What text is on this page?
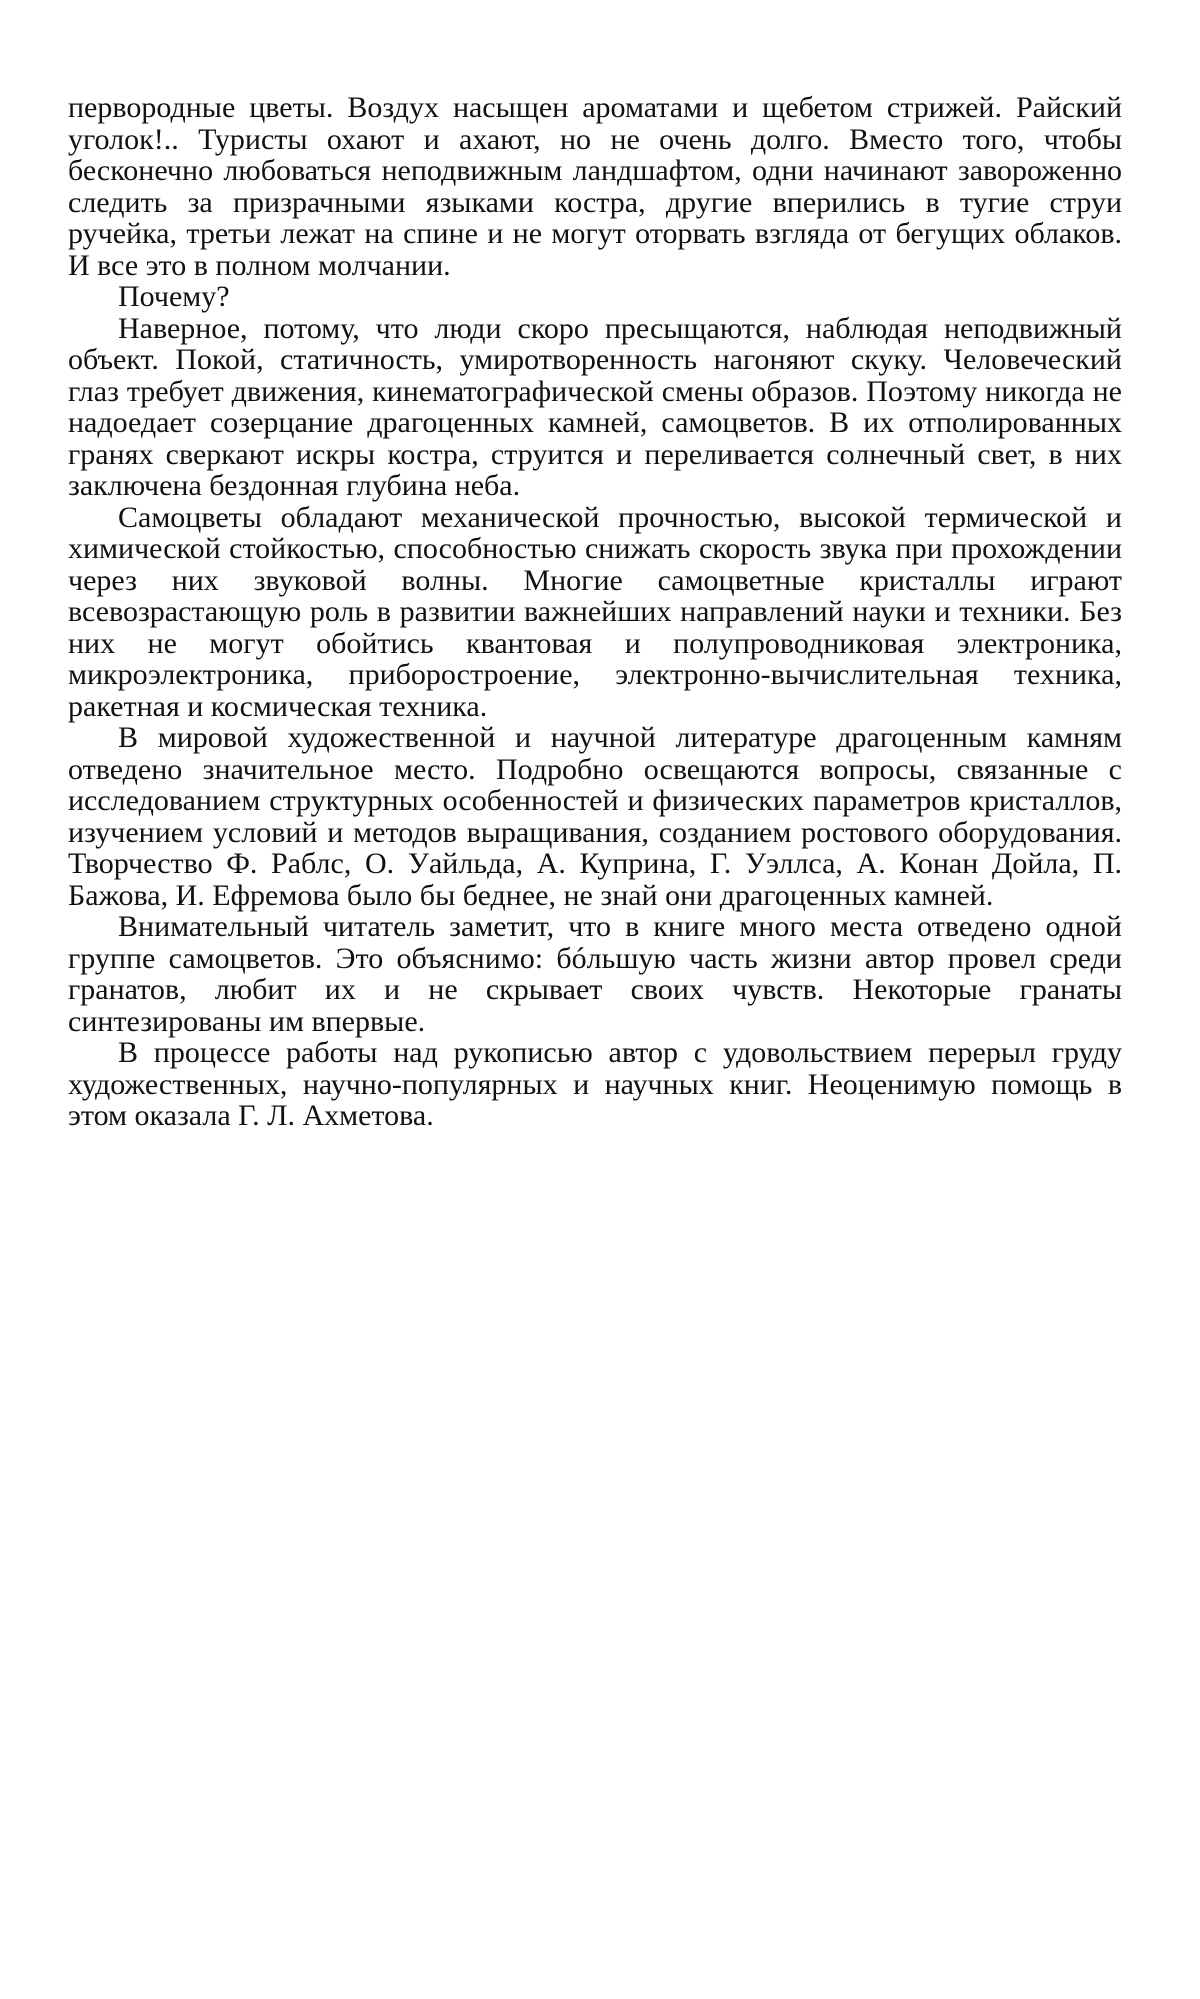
первородные цветы. Воздух насыщен ароматами и щебетом стрижей. Райский уголок!.. Туристы охают и ахают, но не очень долго. Вместо того, чтобы бесконечно любоваться неподвижным ландшафтом, одни начинают завороженно следить за призрачными языками костра, другие вперились в тугие струи ручейка, третьи лежат на спине и не могут оторвать взгляда от бегущих облаков. И все это в полном молчании.

Почему?

Наверное, потому, что люди скоро пресыщаются, наблюдая неподвижный объект. Покой, статичность, умиротворенность нагоняют скуку. Человеческий глаз требует движения, кинематографической смены образов. Поэтому никогда не надоедает созерцание драгоценных камней, самоцветов. В их отполированных гранях сверкают искры костра, струится и переливается солнечный свет, в них заключена бездонная глубина неба.

Самоцветы обладают механической прочностью, высокой термической и химической стойкостью, способностью снижать скорость звука при прохождении через них звуковой волны. Многие самоцветные кристаллы играют всевозрастающую роль в развитии важнейших направлений науки и техники. Без них не могут обойтись квантовая и полупроводниковая электроника, микроэлектроника, приборостроение, электронно-вычислительная техника, ракетная и космическая техника.

В мировой художественной и научной литературе драгоценным камням отведено значительное место. Подробно освещаются вопросы, связанные с исследованием структурных особенностей и физических параметров кристаллов, изучением условий и методов выращивания, созданием ростового оборудования. Творчество Ф. Раблс, О. Уайльда, А. Куприна, Г. Уэллса, А. Конан Дойла, П. Бажова, И. Ефремова было бы беднее, не знай они драгоценных камней.

Внимательный читатель заметит, что в книге много места отведено одной группе самоцветов. Это объяснимо: бóльшую часть жизни автор провел среди гранатов, любит их и не скрывает своих чувств. Некоторые гранаты синтезированы им впервые.

В процессе работы над рукописью автор с удовольствием перерыл груду художественных, научно-популярных и научных книг. Неоценимую помощь в этом оказала Г. Л. Ахметова.
